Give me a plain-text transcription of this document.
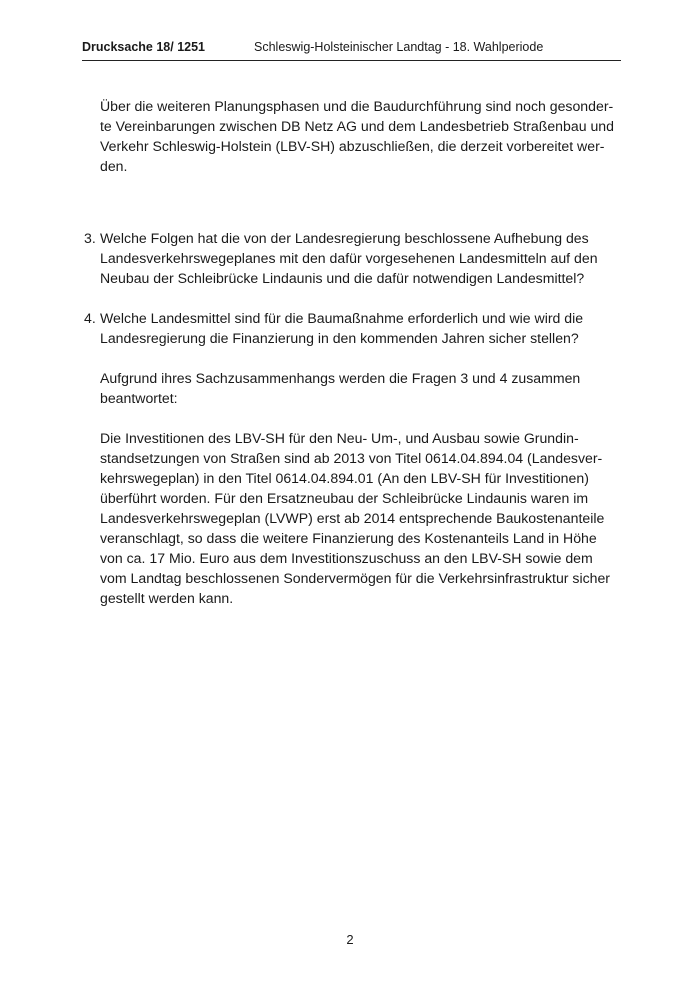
Drucksache 18/ 1251	Schleswig-Holsteinischer Landtag - 18. Wahlperiode

Über die weiteren Planungsphasen und die Baudurchführung sind noch gesonder-
te Vereinbarungen zwischen DB Netz AG und dem Landesbetrieb Straßenbau und
Verkehr Schleswig-Holstein (LBV-SH) abzuschließen, die derzeit vorbereitet wer-
den.

3. Welche Folgen hat die von der Landesregierung beschlossene Aufhebung des
Landesverkehrswegeplanes mit den dafür vorgesehenen Landesmitteln auf den
Neubau der Schleibrücke Lindaunis und die dafür notwendigen Landesmittel?
4. Welche Landesmittel sind für die Baumaßnahme erforderlich und wie wird die
Landesregierung die Finanzierung in den kommenden Jahren sicher stellen?

Aufgrund ihres Sachzusammenhangs werden die Fragen 3 und 4 zusammen
beantwortet:

Die Investitionen des LBV-SH für den Neu- Um-, und Ausbau sowie Grundin-
standsetzungen von Straßen sind ab 2013 von Titel 0614.04.894.04 (Landesver-
kehrswegeplan) in den Titel 0614.04.894.01 (An den LBV-SH für Investitionen)
überführt worden. Für den Ersatzneubau der Schleibrücke Lindaunis waren im
Landesverkehrswegeplan (LVWP) erst ab 2014 entsprechende Baukostenanteile
veranschlagt, so dass die weitere Finanzierung des Kostenanteils Land in Höhe
von ca. 17 Mio. Euro aus dem Investitionszuschuss an den LBV-SH sowie dem
vom Landtag beschlossenen Sondervermögen für die Verkehrsinfrastruktur sicher
gestellt werden kann.

2
